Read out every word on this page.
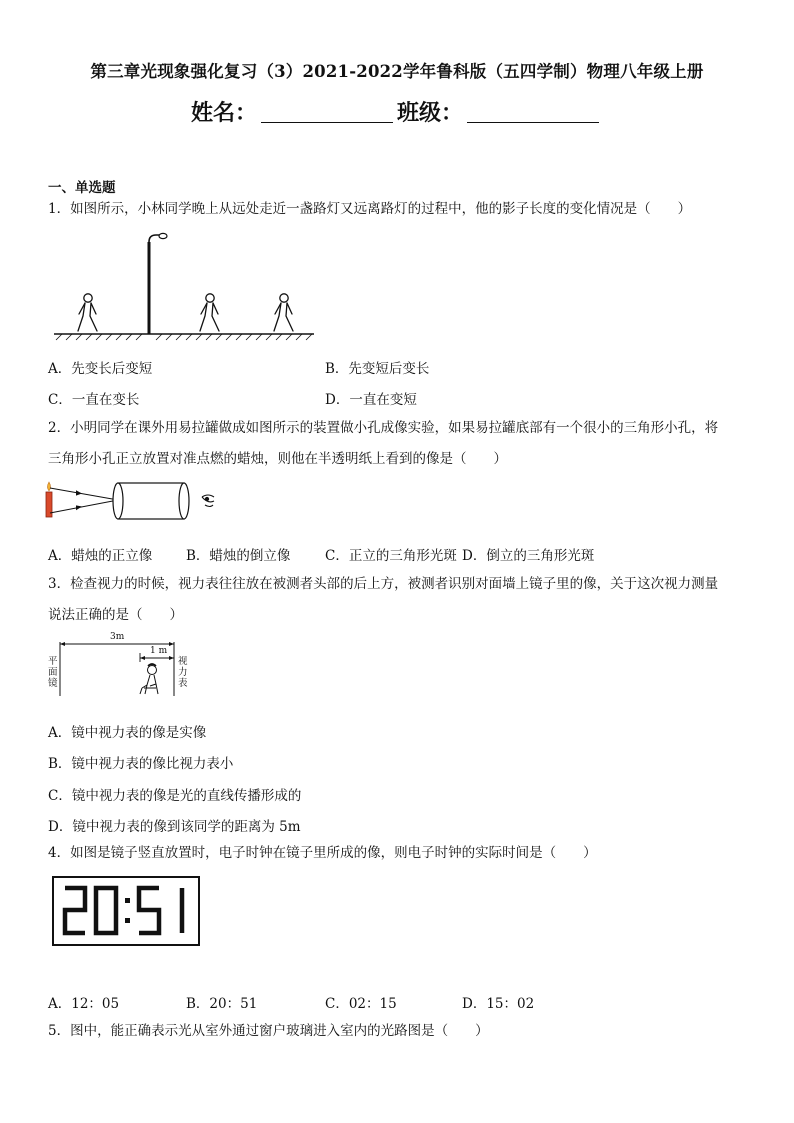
第三章光现象强化复习（3）2021-2022学年鲁科版（五四学制）物理八年级上册
姓名：	班级：
一、单选题
1．如图所示，小林同学晚上从远处走近一盏路灯又远离路灯的过程中，他的影子长度的变化情况是（　　）
A．先变长后变短	B．先变短后变长
C．一直在变长	D．一直在变短
2．小明同学在课外用易拉罐做成如图所示的装置做小孔成像实验，如果易拉罐底部有一个很小的三角形小孔，将
三角形小孔正立放置对准点燃的蜡烛，则他在半透明纸上看到的像是（　　）
A．蜡烛的正立像	B．蜡烛的倒立像	C．正立的三角形光斑 D．倒立的三角形光斑
3．检查视力的时候，视力表往往放在被测者头部的后上方，被测者识别对面墙上镜子里的像，关于这次视力测量
说法正确的是（　　）
3m
1 m
平面镜
视力表
A．镜中视力表的像是实像
B．镜中视力表的像比视力表小
C．镜中视力表的像是光的直线传播形成的
D．镜中视力表的像到该同学的距离为 5m
4．如图是镜子竖直放置时，电子时钟在镜子里所成的像，则电子时钟的实际时间是（　　）
A．12：05	B．20：51	C．02：15	D．15：02
5．图中，能正确表示光从室外通过窗户玻璃进入室内的光路图是（　　）
